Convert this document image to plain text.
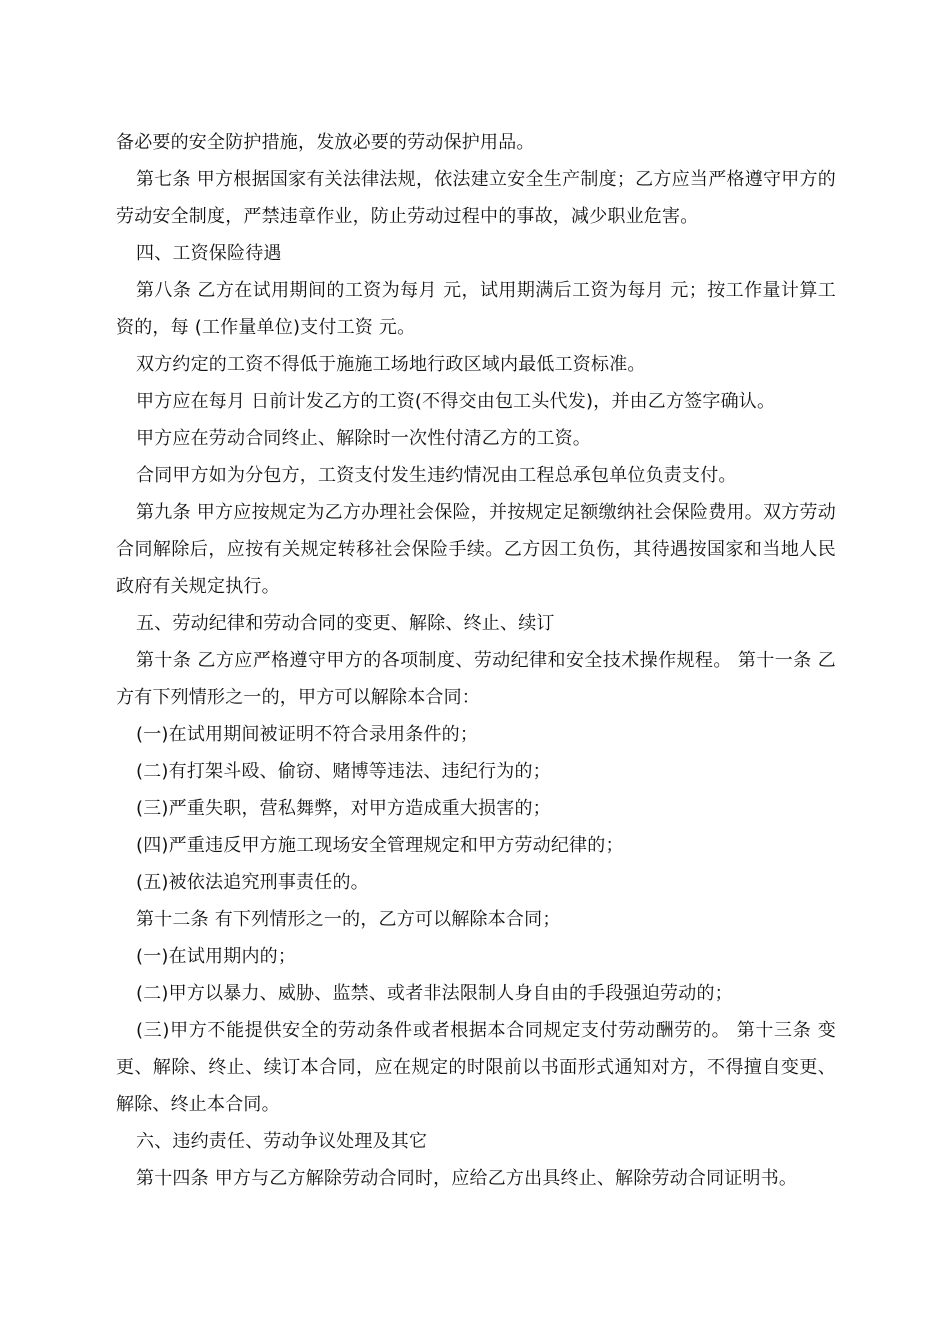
备必要的安全防护措施，发放必要的劳动保护用品。

第七条 甲方根据国家有关法律法规，依法建立安全生产制度；乙方应当严格遵守甲方的劳动安全制度，严禁违章作业，防止劳动过程中的事故，减少职业危害。

四、工资保险待遇

第八条 乙方在试用期间的工资为每月 元，试用期满后工资为每月 元；按工作量计算工资的，每 (工作量单位)支付工资 元。

双方约定的工资不得低于施施工场地行政区域内最低工资标准。

甲方应在每月 日前计发乙方的工资(不得交由包工头代发)，并由乙方签字确认。

甲方应在劳动合同终止、解除时一次性付清乙方的工资。

合同甲方如为分包方，工资支付发生违约情况由工程总承包单位负责支付。

第九条 甲方应按规定为乙方办理社会保险，并按规定足额缴纳社会保险费用。双方劳动合同解除后，应按有关规定转移社会保险手续。乙方因工负伤，其待遇按国家和当地人民政府有关规定执行。

五、劳动纪律和劳动合同的变更、解除、终止、续订

第十条 乙方应严格遵守甲方的各项制度、劳动纪律和安全技术操作规程。 第十一条 乙方有下列情形之一的，甲方可以解除本合同：

(一)在试用期间被证明不符合录用条件的；

(二)有打架斗殴、偷窃、赌博等违法、违纪行为的；

(三)严重失职，营私舞弊，对甲方造成重大损害的；

(四)严重违反甲方施工现场安全管理规定和甲方劳动纪律的；

(五)被依法追究刑事责任的。

第十二条 有下列情形之一的，乙方可以解除本合同；

(一)在试用期内的；

(二)甲方以暴力、威胁、监禁、或者非法限制人身自由的手段强迫劳动的；

(三)甲方不能提供安全的劳动条件或者根据本合同规定支付劳动酬劳的。 第十三条 变更、解除、终止、续订本合同，应在规定的时限前以书面形式通知对方，不得擅自变更、解除、终止本合同。

六、违约责任、劳动争议处理及其它

第十四条 甲方与乙方解除劳动合同时，应给乙方出具终止、解除劳动合同证明书。
